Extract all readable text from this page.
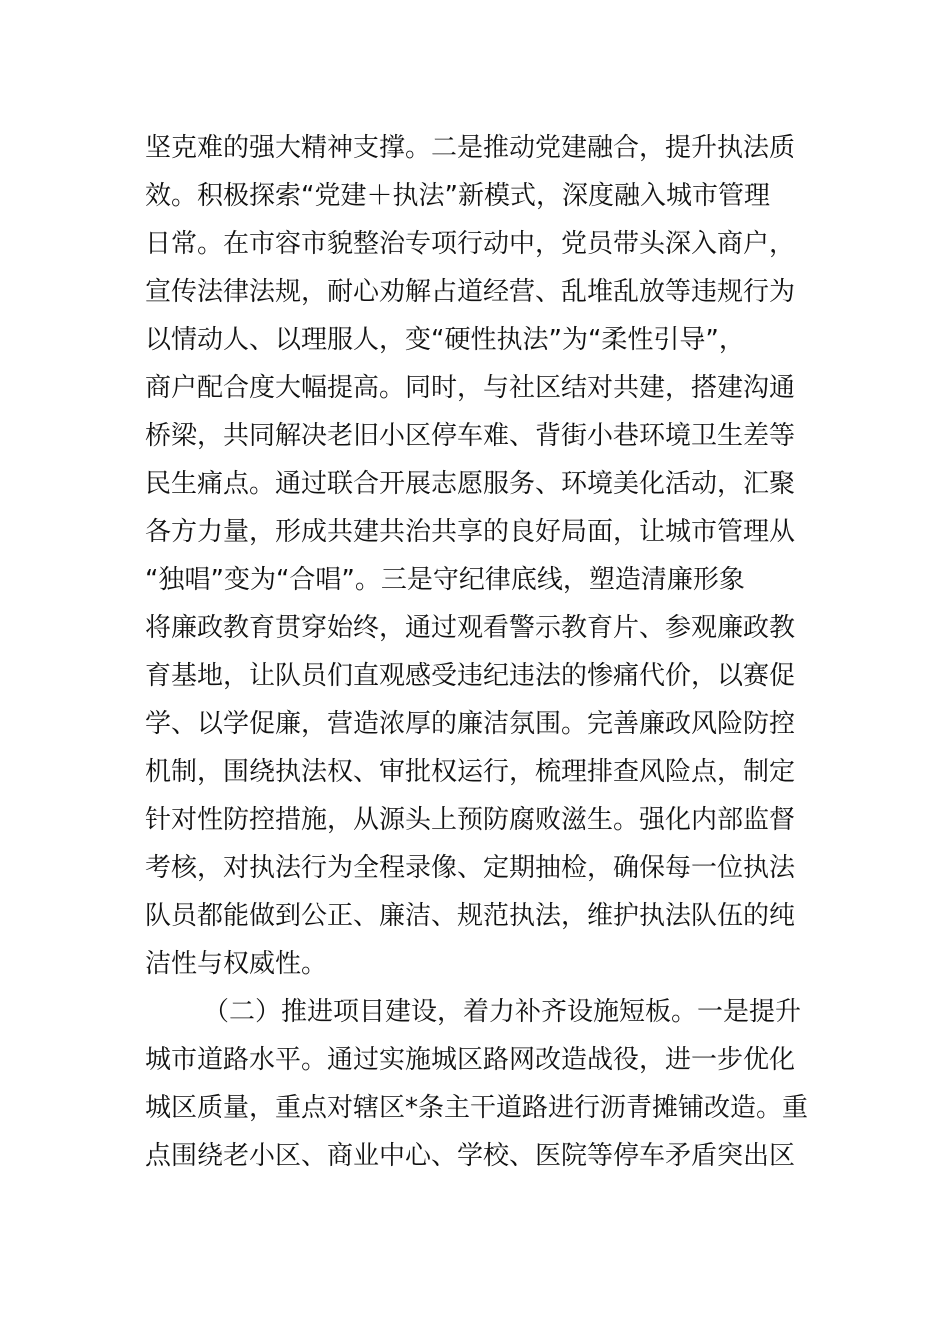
坚克难的强大精神支撑。二是推动党建融合，提升执法质
效。积极探索“党建＋执法”新模式，深度融入城市管理
日常。在市容市貌整治专项行动中，党员带头深入商户，
宣传法律法规，耐心劝解占道经营、乱堆乱放等违规行为
以情动人、以理服人，变“硬性执法”为“柔性引导”，
商户配合度大幅提高。同时，与社区结对共建，搭建沟通
桥梁，共同解决老旧小区停车难、背街小巷环境卫生差等
民生痛点。通过联合开展志愿服务、环境美化活动，汇聚
各方力量，形成共建共治共享的良好局面，让城市管理从
“独唱”变为“合唱”。三是守纪律底线，塑造清廉形象
将廉政教育贯穿始终，通过观看警示教育片、参观廉政教
育基地，让队员们直观感受违纪违法的惨痛代价，以赛促
学、以学促廉，营造浓厚的廉洁氛围。完善廉政风险防控
机制，围绕执法权、审批权运行，梳理排查风险点，制定
针对性防控措施，从源头上预防腐败滋生。强化内部监督
考核，对执法行为全程录像、定期抽检，确保每一位执法
队员都能做到公正、廉洁、规范执法，维护执法队伍的纯
洁性与权威性。
（二）推进项目建设，着力补齐设施短板。一是提升
城市道路水平。通过实施城区路网改造战役，进一步优化
城区质量，重点对辖区*条主干道路进行沥青摊铺改造。重
点围绕老小区、商业中心、学校、医院等停车矛盾突出区
